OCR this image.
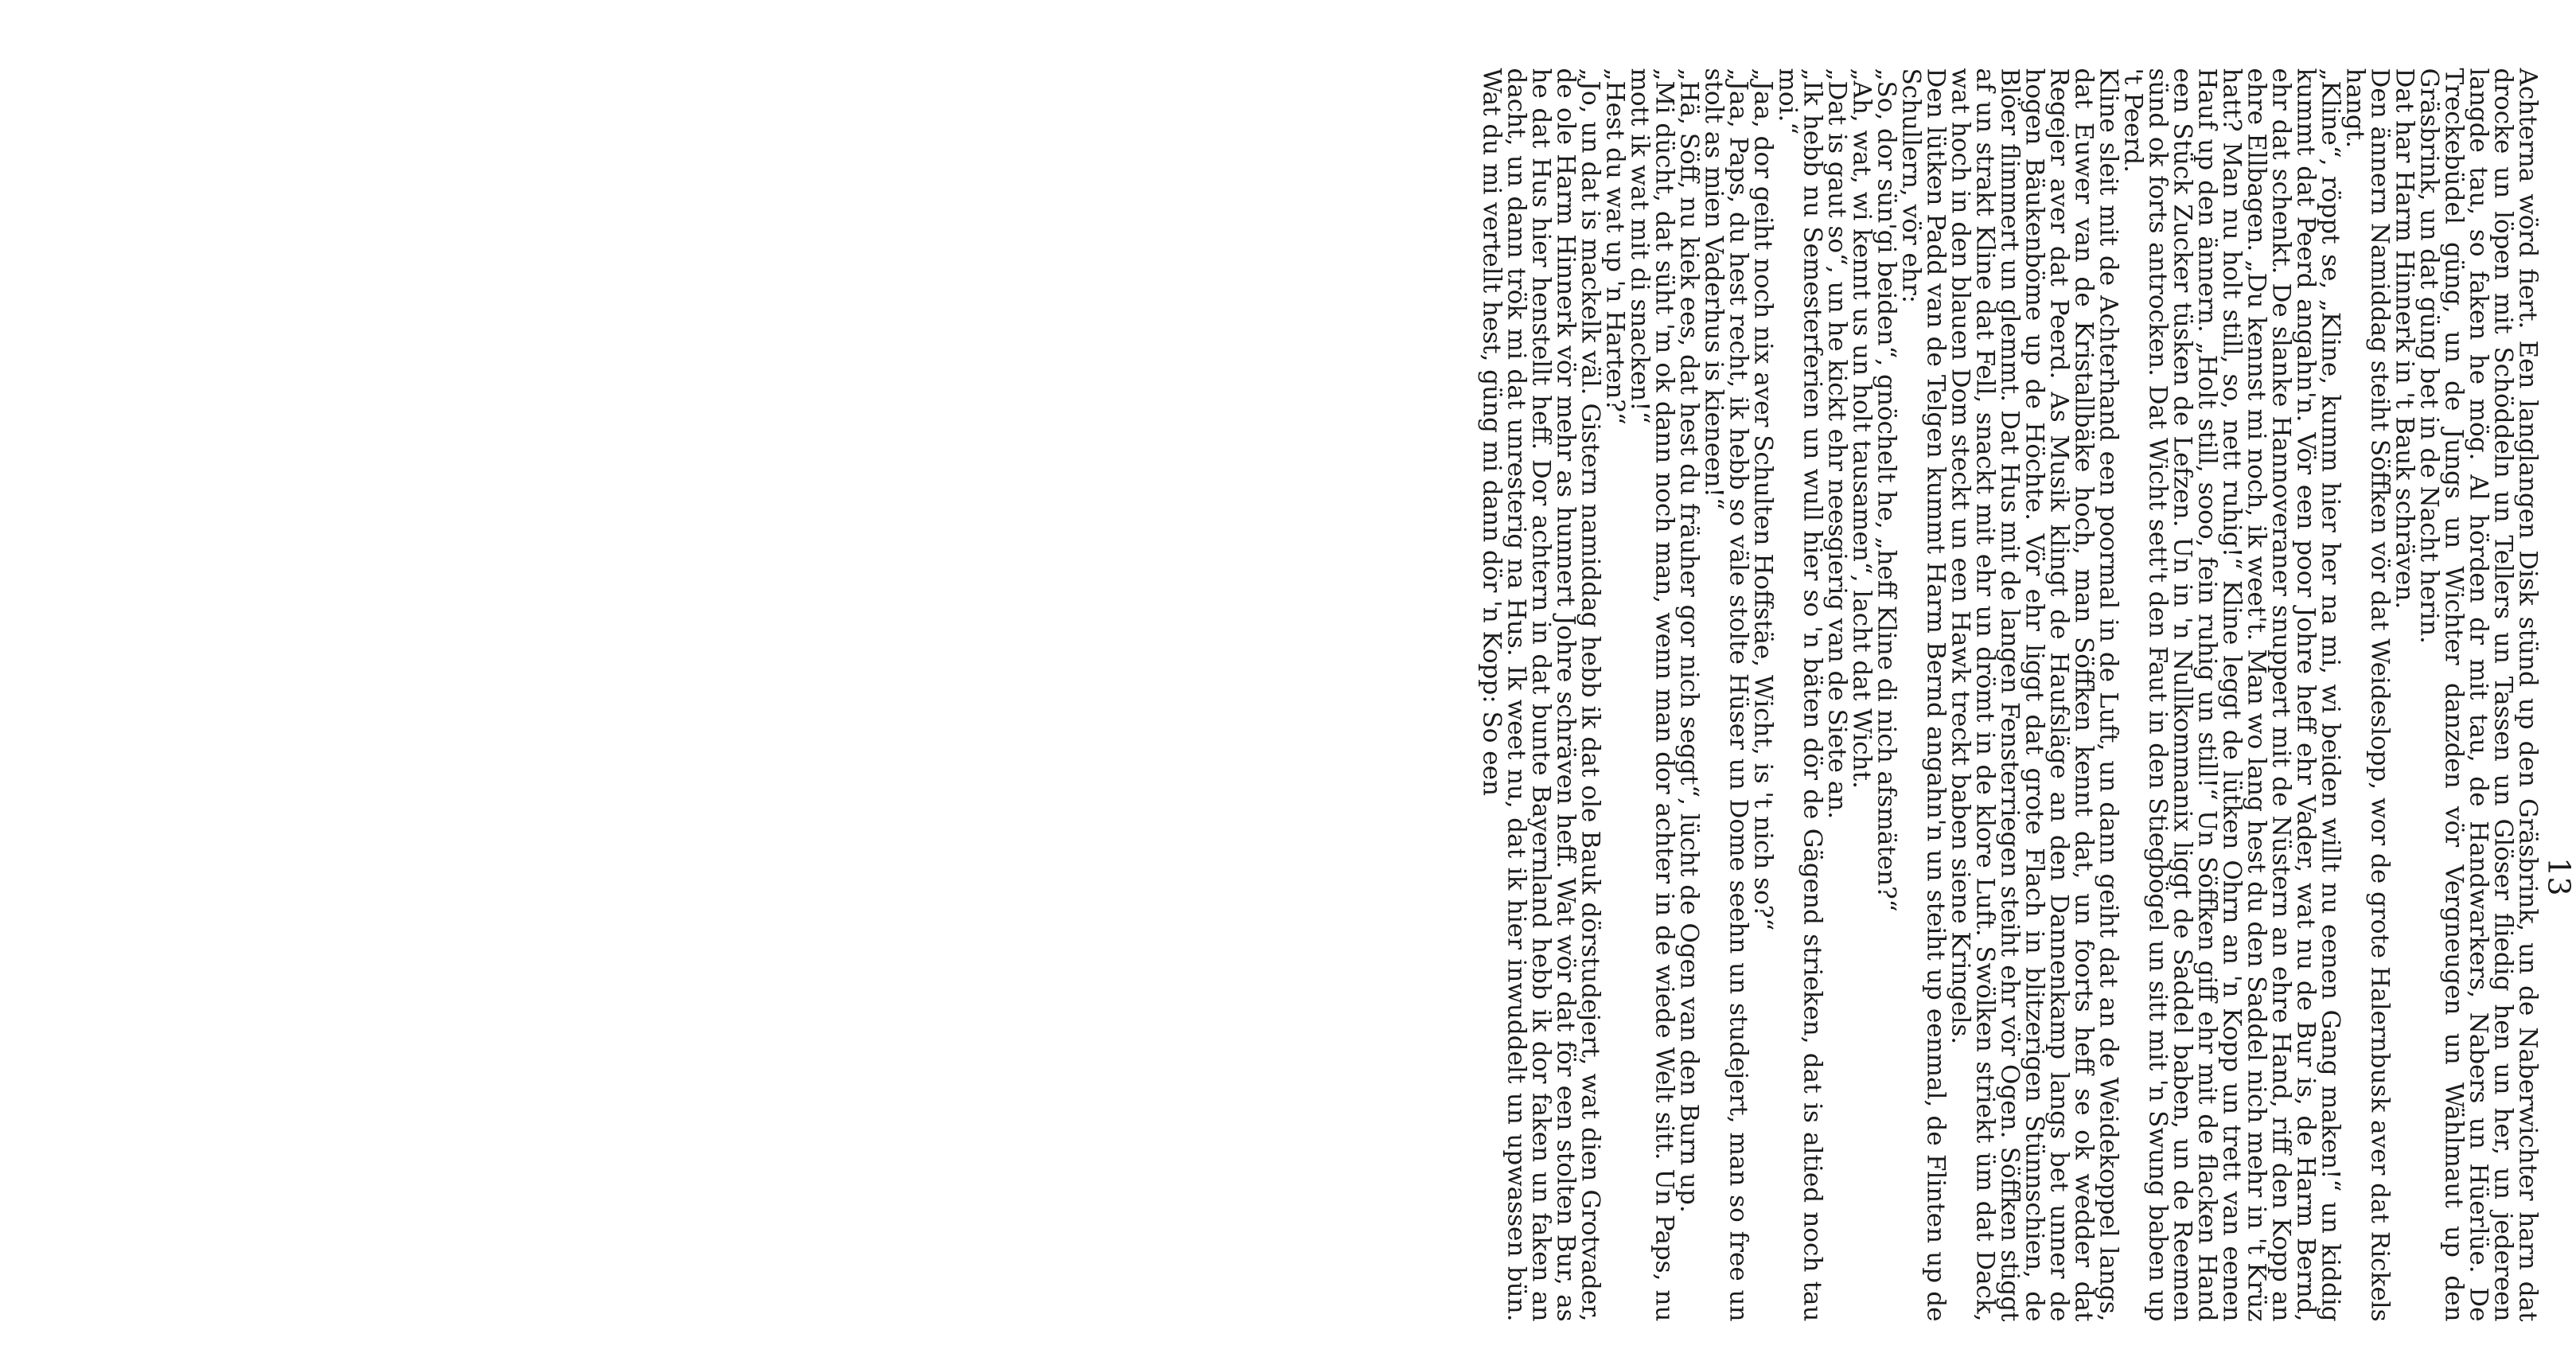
13

Achterna wörd fiert. Een langlangen Disk stünd up den Gräsbrink, un de Naberwichter harn dat drocke un löpen mit Schöddeln un Tellers un Tassen un Glöser fliedig hen un her, un jedereen langde tau, so faken he mög. Al hörden dr mit tau, de Handwarkers, Nabers un Hüerlüe. De Treckebüdel güng, un de Jungs un Wichter danzden vör Vergneugen un Wählmaut up den Gräsbrink, un dat güng bet in de Nacht herin.

Dat har Harm Hinnerk in 't Bauk schräven.

Den ännern Namiddag steiht Söffken vör dat Weideslopp, wor de grote Halernbusk aver dat Rickels hangt.

„Kline“, röppt se, „Kline, kumm hier her na mi, wi beiden willt nu eenen Gang maken!“ un kiddig kummt dat Peerd angahn'n. Vör een poor Johre heff ehr Vader, wat nu de Bur is, de Harm Bernd, ehr dat schenkt. De slanke Hannoveraner snuppert mit de Nüstern an ehre Hand, riff den Kopp an ehre Ellbagen. „Du kennst mi noch, ik weet't. Man wo lang hest du den Saddel nich mehr in 't Krüz hatt? Man nu holt still, so, nett ruhig!“ Kline leggt de lütken Ohrn an 'n Kopp un trett van eenen Hauf up den ännern. „Holt still, sooo, fein ruhig un still!“ Un Söffken giff ehr mit de flacken Hand een Stück Zucker tüsken de Lefzen. Un in 'n Nullkommanix liggt de Saddel baben, un de Reemen sünd ok forts antrocken. Dat Wicht sett't den Faut in den Stiegbögel un sitt mit 'n Swung baben up 't Peerd.

Kline sleit mit de Achterhand een poormal in de Luft, un dann geiht dat an de Weidekoppel langs, dat Euwer van de Kristallbäke hoch, man Söffken kennt dat, un foorts heff se ok wedder dat Regejer aver dat Peerd. As Musik klingt de Haufsläge an den Dannenkamp langs bet unner de hogen Bäukenböme up de Höchte. Vör ehr liggt dat grote Flach in blitzerigen Stünnschien, de Blöer flimmert un glemmt. Dat Hus mit de langen Fensterriegen steiht ehr vör Ogen. Söffken stiggt af un strakt Kline dat Fell, snackt mit ehr un drömt in de klore Luft. Swölken striekt üm dat Dack, wat hoch in den blauen Dom steckt un een Hawk treckt baben siene Kringels.

Den lütken Padd van de Telgen kummt Harm Bernd angahn'n un steiht up eenmal, de Flinten up de Schullern, vör ehr:

„So, dor sün'gi beiden“, gnöchelt he, „heff Kline di nich afsmäten?“

„Ah, wat, wi kennt us un holt tausamen“, lacht dat Wicht.

„Dat is gaut so“, un he kickt ehr neesgierig van de Siete an.

„Ik hebb nu Semesterferien un wull hier so 'n bäten dör de Gägend strieken, dat is altied noch tau moi.“

„Jaa, dor geiht noch nix aver Schulten Hoffstäe, Wicht, is 't nich so?“

„Jaa, Paps, du hest recht, ik hebb so väle stolte Hüser un Dome seehn un studejert, man so free un stolt as mien Vaderhus is kieneen!“

„Hä, Söff, nu kiek ees, dat hest du fräuher gor nich seggt“, lücht de Ogen van den Burn up.

„Mi dücht, dat süht 'm ok dann noch man, wenn man dor achter in de wiede Welt sitt. Un Paps, nu mott ik wat mit di snacken!“

„Hest du wat up 'n Harten?“

„Jo, un dat is mackelk väl. Gistern namiddag hebb ik dat ole Bauk dörstudejert, wat dien Grotvader, de ole Harm Hinnerk vör mehr as hunnert Johre schräven heff. Wat wör dat för een stolten Bur, as he dat Hus hier henstellt heff. Dor achtern in dat bunte Bayernland hebb ik dor faken un faken an dacht, un dann trök mi dat unresterig na Hus. Ik weet nu, dat ik hier inwuddelt un upwassen bün. Wat du mi vertellt hest, güng mi dann dör 'n Kopp: So een
